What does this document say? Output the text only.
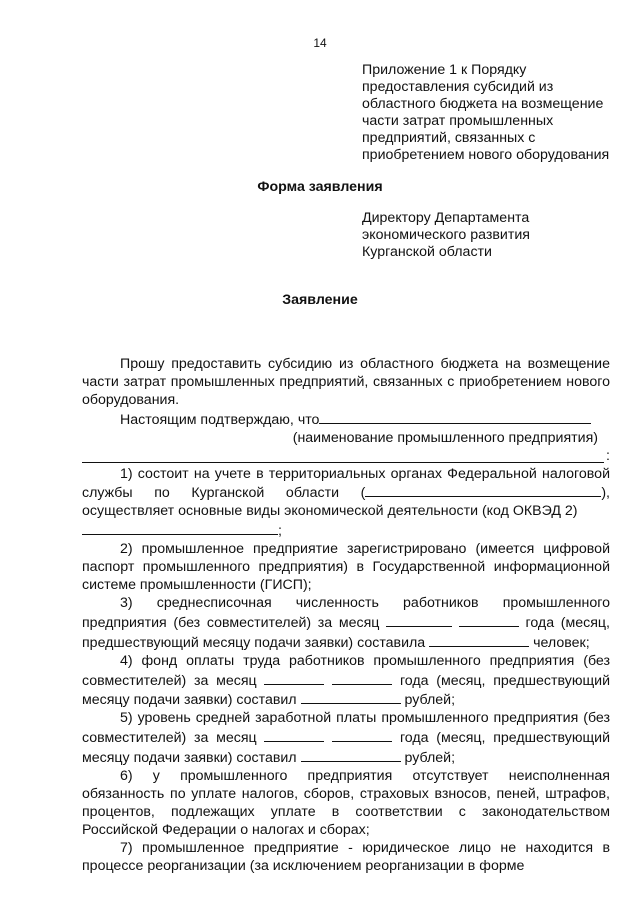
14
Приложение 1 к Порядку
предоставления субсидий из
областного бюджета на возмещение
части затрат промышленных
предприятий, связанных с
приобретением нового оборудования
Форма заявления
Директору Департамента
экономического развития
Курганской области
Заявление

Прошу предоставить субсидию из областного бюджета на возмещение части затрат промышленных предприятий, связанных с приобретением нового оборудования.

Настоящим подтверждаю, что

(наименование промышленного предприятия)
:

1) состоит на учете в территориальных органах Федеральной налоговой службы по Курганской области (	), осуществляет основные виды экономической деятельности (код ОКВЭД 2)

;

2) промышленное предприятие зарегистрировано (имеется цифровой паспорт промышленного предприятия) в Государственной информационной системе промышленности (ГИСП);

3) среднесписочная численность работников промышленного предприятия (без совместителей) за месяц	года (месяц, предшествующий месяцу подачи заявки) составила	человек;

4) фонд оплаты труда работников промышленного предприятия (без совместителей) за месяц	года (месяц, предшествующий месяцу подачи заявки) составил	рублей;

5) уровень средней заработной платы промышленного предприятия (без совместителей) за месяц	года (месяц, предшествующий месяцу подачи заявки) составил	рублей;

6) у промышленного предприятия отсутствует неисполненная обязанность по уплате налогов, сборов, страховых взносов, пеней, штрафов, процентов, подлежащих уплате в соответствии с законодательством Российской Федерации о налогах и сборах;

7) промышленное предприятие - юридическое лицо не находится в процессе реорганизации (за исключением реорганизации в форме
